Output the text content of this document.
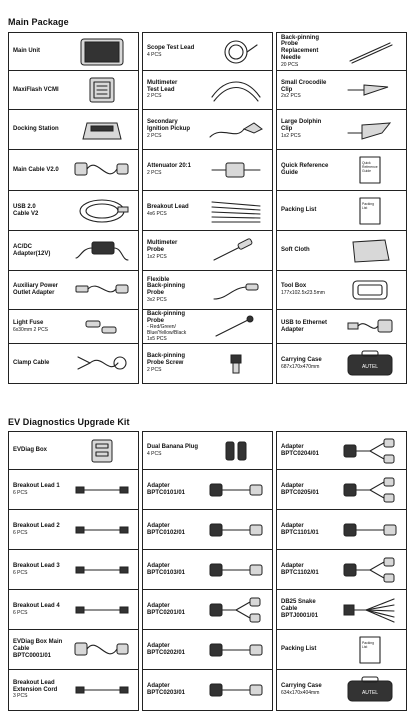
Main Package
Main Unit
MaxiFlash VCMI
Docking Station
Main Cable V2.0
USB 2.0
Cable V2
AC/DC
Adapter(12V)
Auxiliary Power
Outlet Adapter
Light Fuse
6x30mm 2 PCS
Clamp Cable
Scope Test Lead
4 PCS
Multimeter
Test Lead
2 PCS
Secondary
Ignition Pickup
2 PCS
Attenuator 20:1
2 PCS
Breakout Lead
4x6 PCS
Multimeter
Probe
1x2 PCS
Flexible
Back-pinning
Probe
3x2 PCS
Back-pinning
Probe
- Red/Green/
Blue/Yellow/Black
1x5 PCS
Back-pinning
Probe Screw
2 PCS
Back-pinning
Probe
Replacement
Needle
20 PCS
Small Crocodile
Clip
2x2 PCS
Large Dolphin
Clip
1x2 PCS
Quick Reference
Guide
Quick
Reference
Guide
Packing List
Packing
List
Soft Cloth
Tool Box
177x102.5x23.5mm
USB to Ethernet
Adapter
Carrying Case
687x170x470mm	AUTEL
EV Diagnostics Upgrade Kit
EVDiag Box
Breakout Lead 1
6 PCS
Breakout Lead 2
6 PCS
Breakout Lead 3
6 PCS
Breakout Lead 4
6 PCS
EVDiag Box Main
Cable
BPTC0001/01
Breakout Lead
Extension Cord
3 PCS
Dual Banana Plug
4 PCS
Adapter
BPTC0101/01
Adapter
BPTC0102/01
Adapter
BPTC0103/01
Adapter
BPTC0201/01
Adapter
BPTC0202/01
Adapter
BPTC0203/01
Adapter
BPTC0204/01
Adapter
BPTC0205/01
Adapter
BPTC1101/01
Adapter
BPTC1102/01
DB25 Snake
Cable
BPTJ0001/01
Packing List
Packing
List
Carrying Case
634x170x404mm	AUTEL
